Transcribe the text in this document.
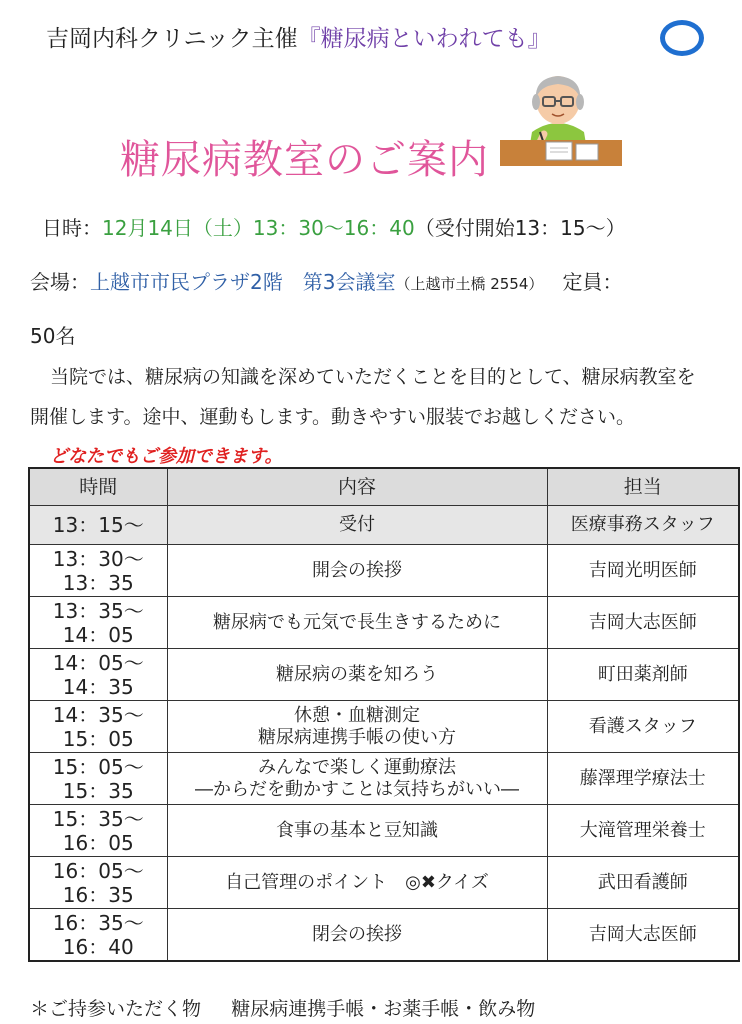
吉岡内科クリニック主催『糖尿病といわれても』
糖尿病教室のご案内
日時：12月14日（土）13：30〜16：40（受付開始13：15〜）
会場：上越市市民プラザ2階　第3会議室（上越市土橋 2554） 定員：
50名
当院では、糖尿病の知識を深めていただくことを目的として、糖尿病教室を
開催します。途中、運動もします。動きやすい服装でお越しください。
どなたでもご参加できます。
時間	内容	担当
13：15〜	受付	医療事務スタッフ

13：30〜
13：35	開会の挨拶	吉岡光明医師

13：35〜
14：05	糖尿病でも元気で長生きするために	吉岡大志医師

14：05〜
14：35	糖尿病の薬を知ろう	町田薬剤師

14：35〜
15：05	休憩・血糖測定
糖尿病連携手帳の使い方	看護スタッフ

15：05〜
15：35	みんなで楽しく運動療法
―からだを動かすことは気持ちがいい―	藤澤理学療法士

15：35〜
16：05	食事の基本と豆知識	大滝管理栄養士

16：05〜
16：35	自己管理のポイント　◎✖クイズ	武田看護師

16：35〜
16：40	閉会の挨拶	吉岡大志医師
＊ご持参いただく物 糖尿病連携手帳・お薬手帳・飲み物
